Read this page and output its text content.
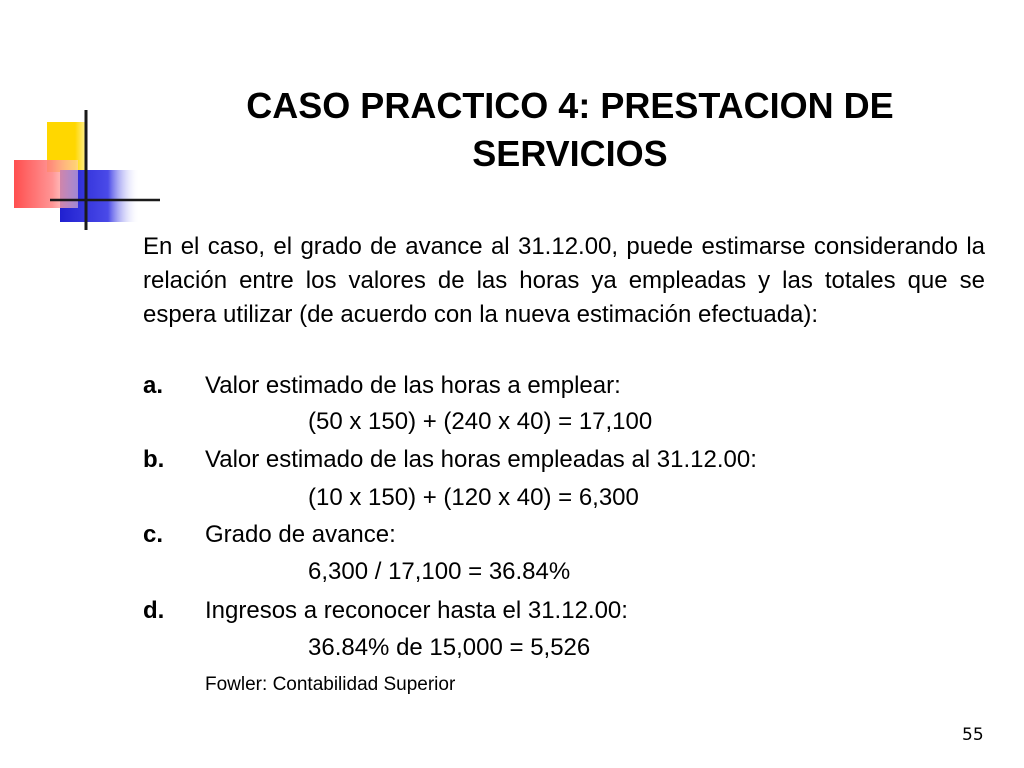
CASO PRACTICO 4: PRESTACION DE
SERVICIOS
En el caso, el grado de avance al 31.12.00, puede estimarse considerando la relación entre los valores de las horas ya empleadas y las totales que se espera utilizar (de acuerdo con la nueva estimación efectuada):
a. Valor estimado de las horas a emplear:
(50 x 150) + (240 x 40) = 17,100
b. Valor estimado de las horas empleadas al 31.12.00:
(10 x 150) + (120 x 40) = 6,300
c. Grado de avance:
6,300 / 17,100 = 36.84%
d. Ingresos a reconocer hasta el 31.12.00:
36.84% de 15,000 = 5,526
Fowler: Contabilidad Superior
55
